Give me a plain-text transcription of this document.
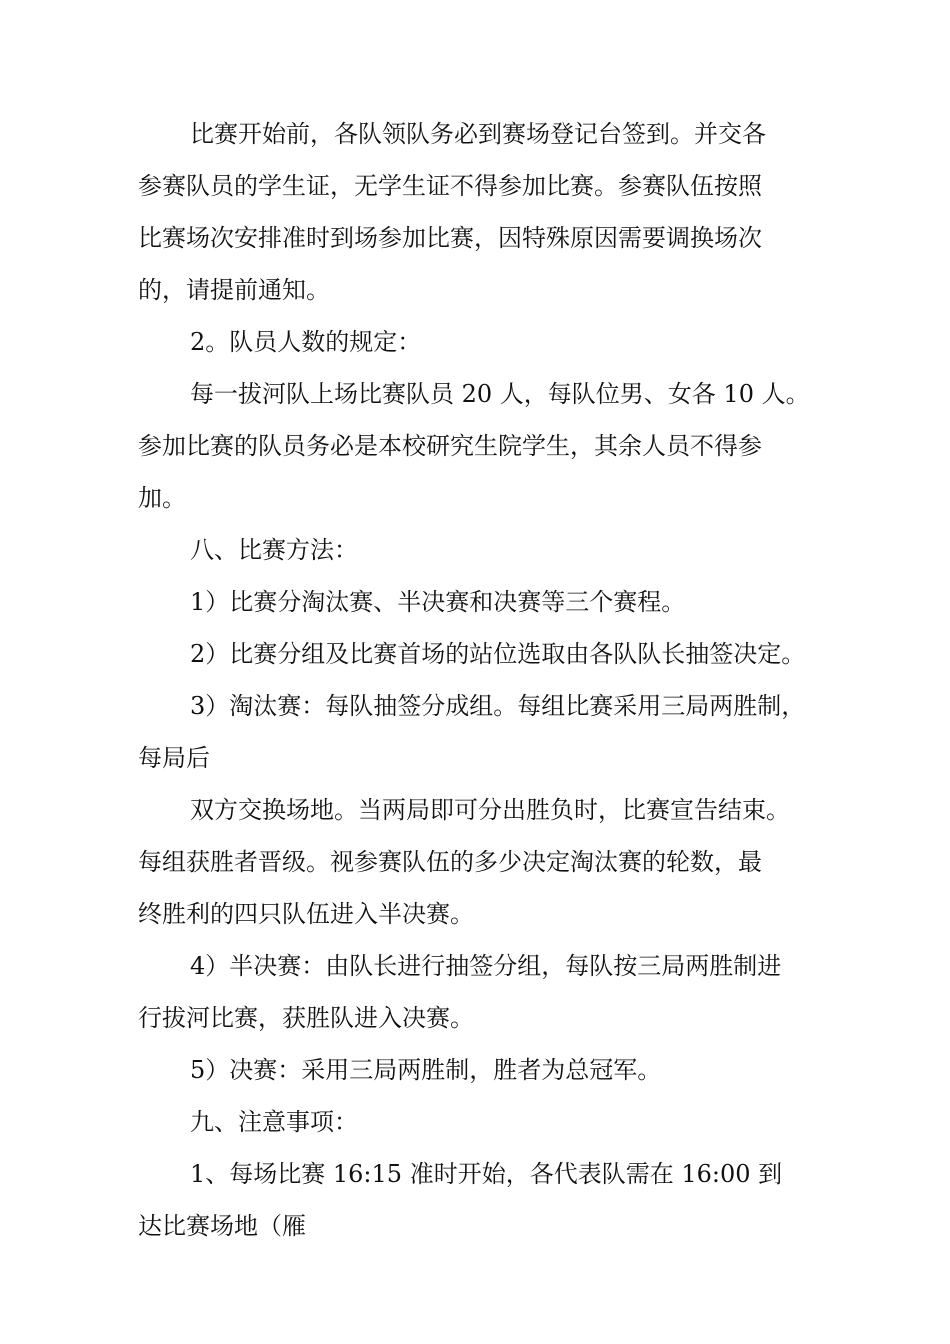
比赛开始前，各队领队务必到赛场登记台签到。并交各

参赛队员的学生证，无学生证不得参加比赛。参赛队伍按照

比赛场次安排准时到场参加比赛，因特殊原因需要调换场次

的，请提前通知。

2。队员人数的规定：

每一拔河队上场比赛队员 20 人，每队位男、女各 10 人。

参加比赛的队员务必是本校研究生院学生，其余人员不得参

加。

八、比赛方法：

1）比赛分淘汰赛、半决赛和决赛等三个赛程。

2）比赛分组及比赛首场的站位选取由各队队长抽签决定。

3）淘汰赛：每队抽签分成组。每组比赛采用三局两胜制，

每局后

双方交换场地。当两局即可分出胜负时，比赛宣告结束。

每组获胜者晋级。视参赛队伍的多少决定淘汰赛的轮数，最

终胜利的四只队伍进入半决赛。

4）半决赛：由队长进行抽签分组，每队按三局两胜制进

行拔河比赛，获胜队进入决赛。

5）决赛：采用三局两胜制，胜者为总冠军。

九、注意事项：

1、每场比赛 16:15 准时开始，各代表队需在 16:00 到

达比赛场地（雁
